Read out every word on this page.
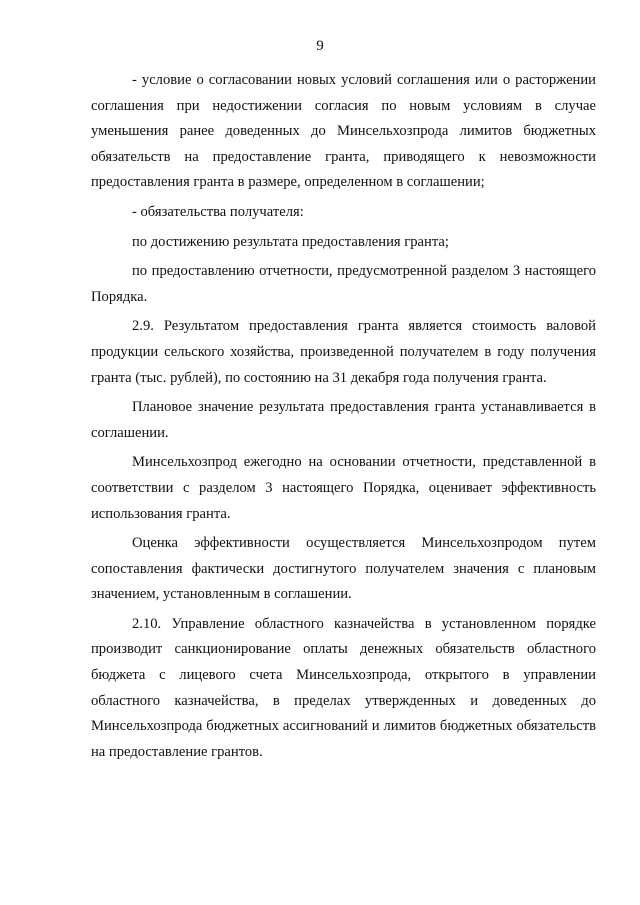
9

- условие о согласовании новых условий соглашения или о расторжении соглашения при недостижении согласия по новым условиям в случае уменьшения ранее доведенных до Минсельхозпрода лимитов бюджетных обязательств на предоставление гранта, приводящего к невозможности предоставления гранта в размере, определенном в соглашении;

- обязательства получателя:

по достижению результата предоставления гранта;

по предоставлению отчетности, предусмотренной разделом 3 настоящего Порядка.

2.9. Результатом предоставления гранта является стоимость валовой продукции сельского хозяйства, произведенной получателем в году получения гранта (тыс. рублей), по состоянию на 31 декабря года получения гранта.

Плановое значение результата предоставления гранта устанавливается в соглашении.

Минсельхозпрод ежегодно на основании отчетности, представленной в соответствии с разделом 3 настоящего Порядка, оценивает эффективность использования гранта.

Оценка эффективности осуществляется Минсельхозпродом путем сопоставления фактически достигнутого получателем значения с плановым значением, установленным в соглашении.

2.10. Управление областного казначейства в установленном порядке производит санкционирование оплаты денежных обязательств областного бюджета с лицевого счета Минсельхозпрода, открытого в управлении областного казначейства, в пределах утвержденных и доведенных до Минсельхозпрода бюджетных ассигнований и лимитов бюджетных обязательств на предоставление грантов.
